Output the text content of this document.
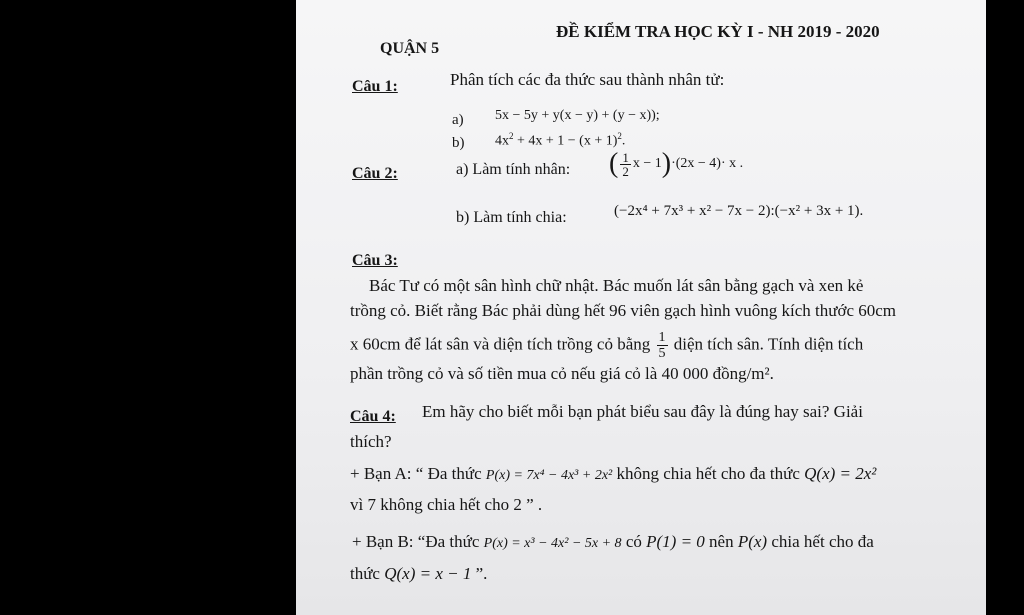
QUẬN 5
ĐỀ KIỂM TRA HỌC KỲ I - NH 2019 - 2020
Câu 1:	Phân tích các đa thức sau thành nhân tử:
a) 5x − 5y + y(x − y) + (y − x));
b) $4x^2 + 4x + 1 - (x + 1)^2$.
Câu 2:	a) Làm tính nhân: ( $\frac{1}{2}$ x − 1)·(2x − 4)· x .
b) Làm tính chia:	(−2x⁴ + 7x³ + x² − 7x − 2):(−x² + 3x + 1).
Câu 3:
Bác Tư có một sân hình chữ nhật. Bác muốn lát sân bằng gạch và xen kẻ
trồng cỏ. Biết rằng Bác phải dùng hết 96 viên gạch hình vuông kích thước 60cm
x 60cm để lát sân và diện tích trồng cỏ bằng $\frac{1}{5}$ diện tích sân. Tính diện tích
phần trồng cỏ và số tiền mua cỏ nếu giá cỏ là 40 000 đồng/m².
Câu 4: Em hãy cho biết mỗi bạn phát biểu sau đây là đúng hay sai? Giải
thích?
+ Bạn A: “ Đa thức P(x) = 7x⁴ − 4x³ + 2x² không chia hết cho đa thức Q(x) = 2x²
vì 7 không chia hết cho 2 ” .
+ Bạn B: “Đa thức P(x) = x³ − 4x² − 5x + 8 có P(1) = 0 nên P(x) chia hết cho đa
thức Q(x) = x − 1 ”.
